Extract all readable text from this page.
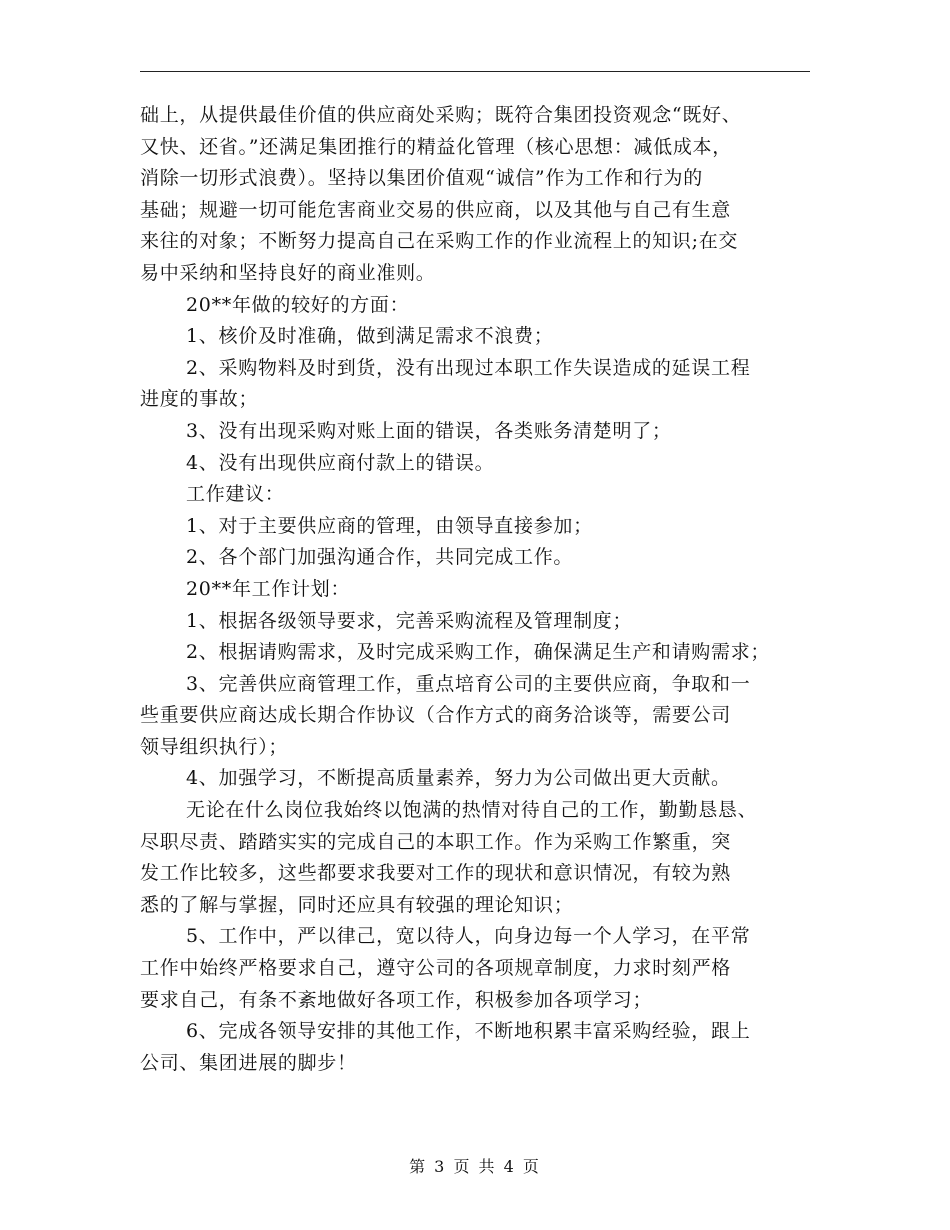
础上，从提供最佳价值的供应商处采购；既符合集团投资观念“既好、

又快、还省。”还满足集团推行的精益化管理（核心思想：减低成本，

消除一切形式浪费）。坚持以集团价值观“诚信”作为工作和行为的

基础；规避一切可能危害商业交易的供应商，以及其他与自己有生意

来往的对象；不断努力提高自己在采购工作的作业流程上的知识;在交

易中采纳和坚持良好的商业准则。

20**年做的较好的方面：

1、核价及时准确，做到满足需求不浪费；

2、采购物料及时到货，没有出现过本职工作失误造成的延误工程

进度的事故；

3、没有出现采购对账上面的错误，各类账务清楚明了；

4、没有出现供应商付款上的错误。

工作建议：

1、对于主要供应商的管理，由领导直接参加；

2、各个部门加强沟通合作，共同完成工作。

20**年工作计划：

1、根据各级领导要求，完善采购流程及管理制度；

2、根据请购需求，及时完成采购工作，确保满足生产和请购需求；

3、完善供应商管理工作，重点培育公司的主要供应商，争取和一

些重要供应商达成长期合作协议（合作方式的商务洽谈等，需要公司

领导组织执行）；

4、加强学习，不断提高质量素养，努力为公司做出更大贡献。

无论在什么岗位我始终以饱满的热情对待自己的工作，勤勤恳恳、

尽职尽责、踏踏实实的完成自己的本职工作。作为采购工作繁重，突

发工作比较多，这些都要求我要对工作的现状和意识情况，有较为熟

悉的了解与掌握，同时还应具有较强的理论知识；

5、工作中，严以律己，宽以待人，向身边每一个人学习，在平常

工作中始终严格要求自己，遵守公司的各项规章制度，力求时刻严格

要求自己，有条不紊地做好各项工作，积极参加各项学习；

6、完成各领导安排的其他工作，不断地积累丰富采购经验，跟上

公司、集团进展的脚步！

第 3 页 共 4 页
